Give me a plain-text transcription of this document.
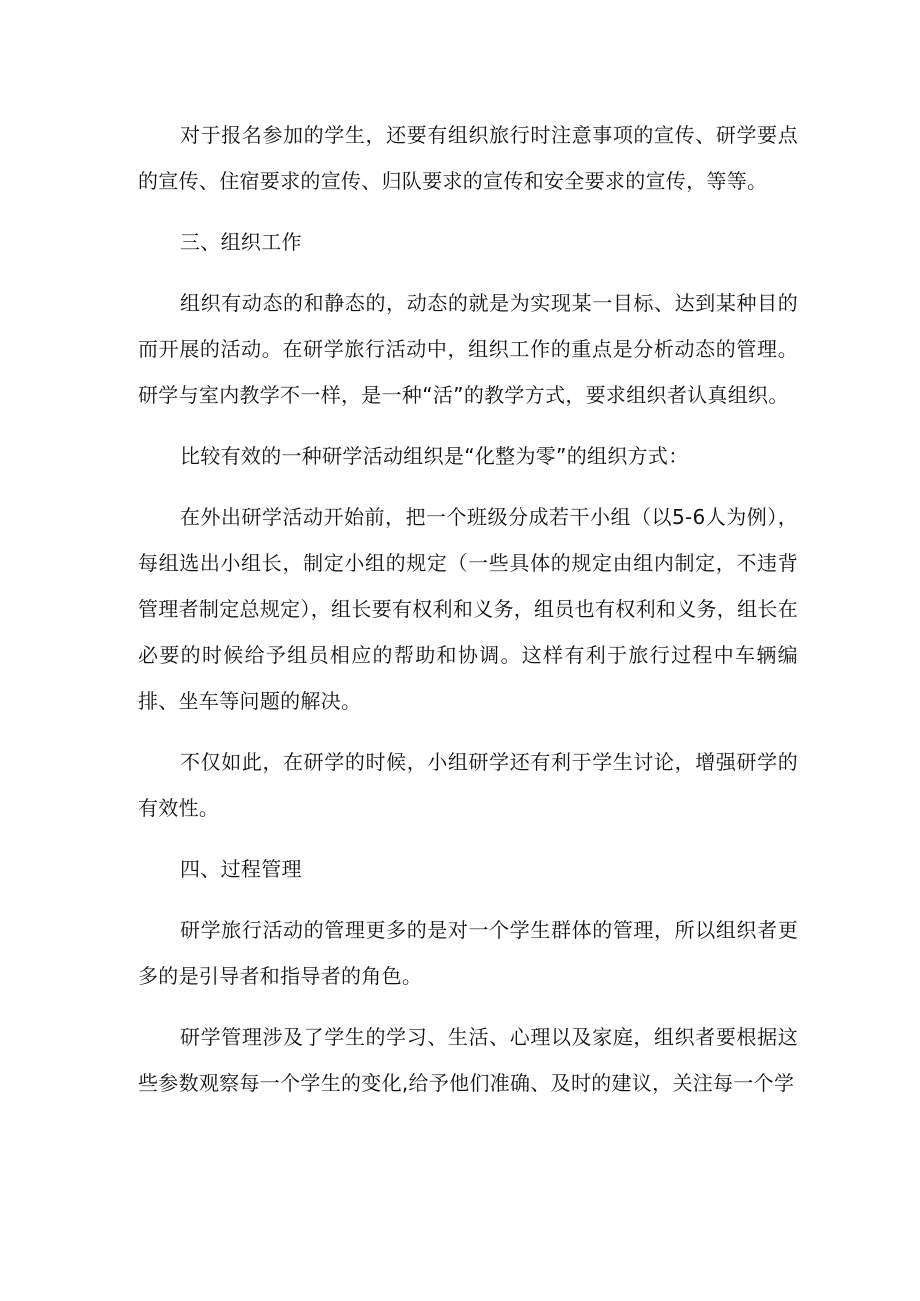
对于报名参加的学生，还要有组织旅行时注意事项的宣传、研学要点的宣传、住宿要求的宣传、归队要求的宣传和安全要求的宣传，等等。

三、组织工作

组织有动态的和静态的，动态的就是为实现某一目标、达到某种目的而开展的活动。在研学旅行活动中，组织工作的重点是分析动态的管理。研学与室内教学不一样，是一种“活”的教学方式，要求组织者认真组织。

比较有效的一种研学活动组织是“化整为零”的组织方式：

在外出研学活动开始前，把一个班级分成若干小组（以5-6人为例），每组选出小组长，制定小组的规定（一些具体的规定由组内制定，不违背管理者制定总规定），组长要有权利和义务，组员也有权利和义务，组长在必要的时候给予组员相应的帮助和协调。这样有利于旅行过程中车辆编排、坐车等问题的解决。

不仅如此，在研学的时候，小组研学还有利于学生讨论，增强研学的有效性。

四、过程管理

研学旅行活动的管理更多的是对一个学生群体的管理，所以组织者更多的是引导者和指导者的角色。

研学管理涉及了学生的学习、生活、心理以及家庭，组织者要根据这些参数观察每一个学生的变化,给予他们准确、及时的建议，关注每一个学
